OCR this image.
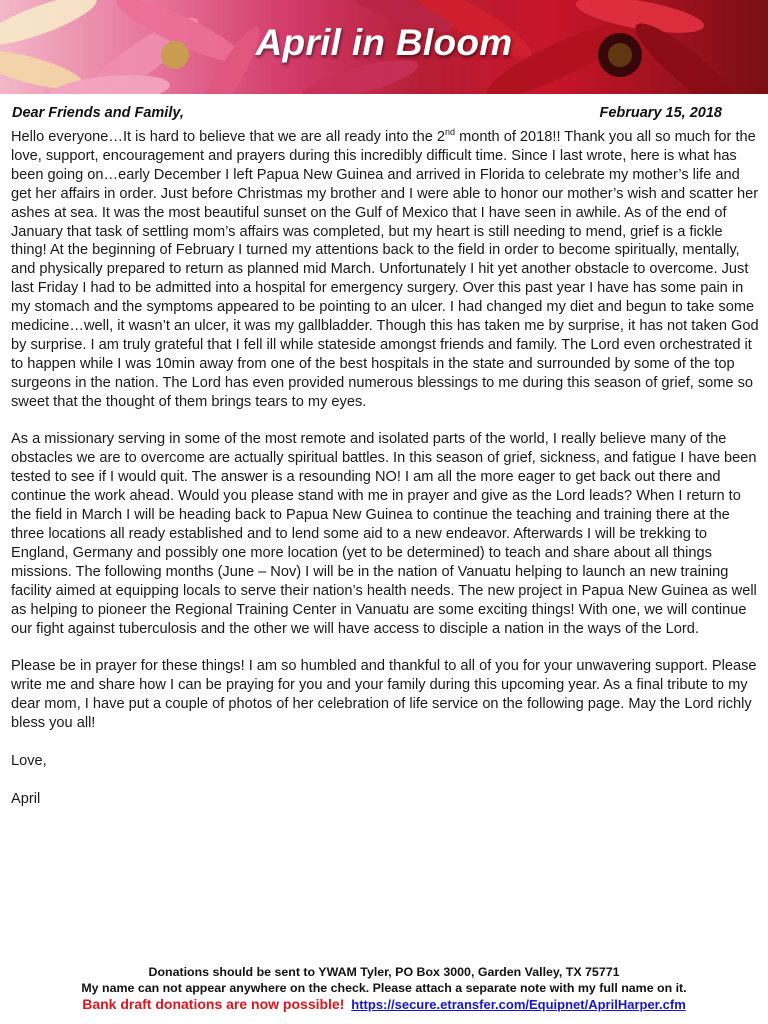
April in Bloom
Dear Friends and Family,	February 15, 2018

Hello everyone…It is hard to believe that we are all ready into the 2nd month of 2018!! Thank you all so much for the love, support, encouragement and prayers during this incredibly difficult time. Since I last wrote, here is what has been going on…early December I left Papua New Guinea and arrived in Florida to celebrate my mother’s life and get her affairs in order. Just before Christmas my brother and I were able to honor our mother’s wish and scatter her ashes at sea. It was the most beautiful sunset on the Gulf of Mexico that I have seen in awhile. As of the end of January that task of settling mom’s affairs was completed, but my heart is still needing to mend, grief is a fickle thing! At the beginning of February I turned my attentions back to the field in order to become spiritually, mentally, and physically prepared to return as planned mid March. Unfortunately I hit yet another obstacle to overcome. Just last Friday I had to be admitted into a hospital for emergency surgery. Over this past year I have has some pain in my stomach and the symptoms appeared to be pointing to an ulcer. I had changed my diet and begun to take some medicine…well, it wasn’t an ulcer, it was my gallbladder. Though this has taken me by surprise, it has not taken God by surprise. I am truly grateful that I fell ill while stateside amongst friends and family. The Lord even orchestrated it to happen while I was 10min away from one of the best hospitals in the state and surrounded by some of the top surgeons in the nation. The Lord has even provided numerous blessings to me during this season of grief, some so sweet that the thought of them brings tears to my eyes.

As a missionary serving in some of the most remote and isolated parts of the world, I really believe many of the obstacles we are to overcome are actually spiritual battles. In this season of grief, sickness, and fatigue I have been tested to see if I would quit. The answer is a resounding NO! I am all the more eager to get back out there and continue the work ahead. Would you please stand with me in prayer and give as the Lord leads? When I return to the field in March I will be heading back to Papua New Guinea to continue the teaching and training there at the three locations all ready established and to lend some aid to a new endeavor. Afterwards I will be trekking to England, Germany and possibly one more location (yet to be determined) to teach and share about all things missions. The following months (June – Nov) I will be in the nation of Vanuatu helping to launch an new training facility aimed at equipping locals to serve their nation’s health needs. The new project in Papua New Guinea as well as helping to pioneer the Regional Training Center in Vanuatu are some exciting things! With one, we will continue our fight against tuberculosis and the other we will have access to disciple a nation in the ways of the Lord.

Please be in prayer for these things! I am so humbled and thankful to all of you for your unwavering support. Please write me and share how I can be praying for you and your family during this upcoming year. As a final tribute to my dear mom, I have put a couple of photos of her celebration of life service on the following page. May the Lord richly bless you all!

Love,

April

Donations should be sent to YWAM Tyler, PO Box 3000, Garden Valley, TX 75771
My name can not appear anywhere on the check. Please attach a separate note with my full name on it.
Bank draft donations are now possible! https://secure.etransfer.com/Equipnet/AprilHarper.cfm
